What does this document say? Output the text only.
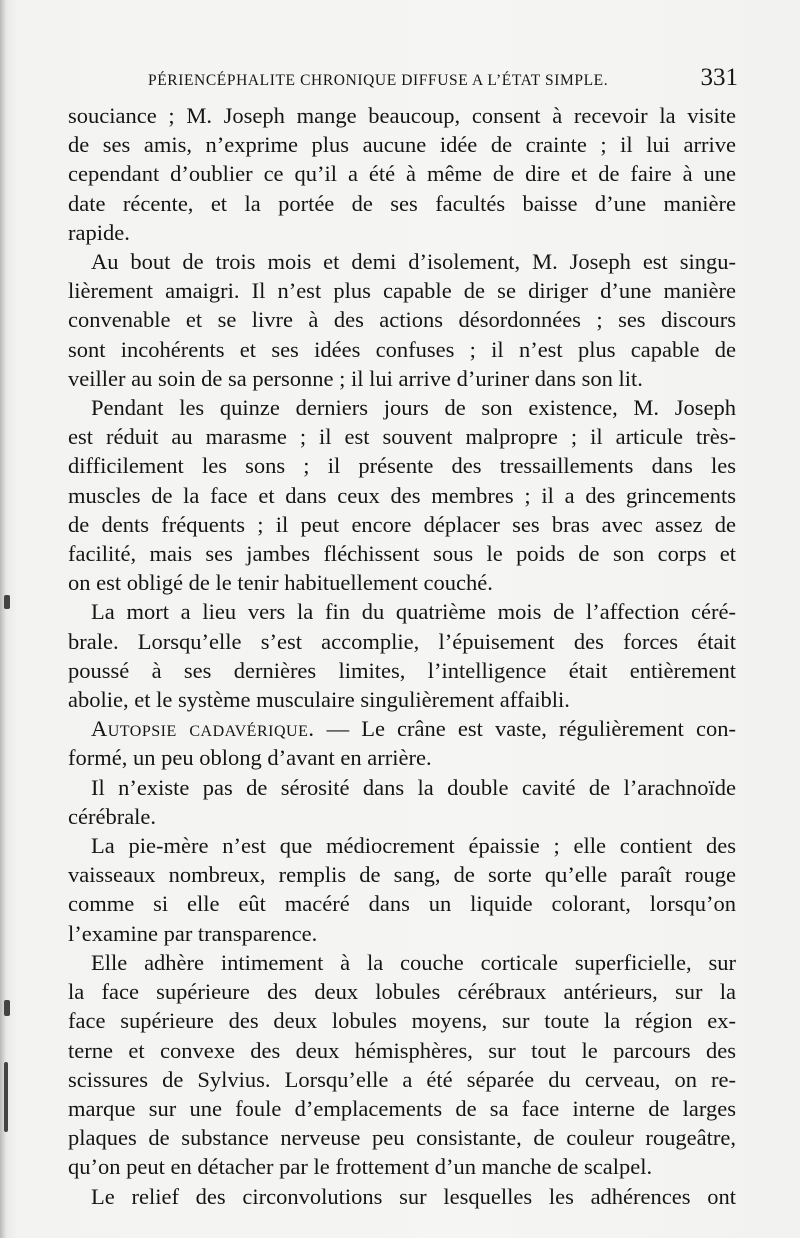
PÉRIENCÉPHALITE CHRONIQUE DIFFUSE A L’ÉTAT SIMPLE.	331

souciance ; M. Joseph mange beaucoup, consent à recevoir la visite

de ses amis, n’exprime plus aucune idée de crainte ; il lui arrive

cependant d’oublier ce qu’il a été à même de dire et de faire à une

date récente, et la portée de ses facultés baisse d’une manière

rapide.

Au bout de trois mois et demi d’isolement, M. Joseph est singu-

lièrement amaigri. Il n’est plus capable de se diriger d’une manière

convenable et se livre à des actions désordonnées ; ses discours

sont incohérents et ses idées confuses ; il n’est plus capable de

veiller au soin de sa personne ; il lui arrive d’uriner dans son lit.

Pendant les quinze derniers jours de son existence, M. Joseph

est réduit au marasme ; il est souvent malpropre ; il articule très-

difficilement les sons ; il présente des tressaillements dans les

muscles de la face et dans ceux des membres ; il a des grincements

de dents fréquents ; il peut encore déplacer ses bras avec assez de

facilité, mais ses jambes fléchissent sous le poids de son corps et

on est obligé de le tenir habituellement couché.

La mort a lieu vers la fin du quatrième mois de l’affection céré-

brale. Lorsqu’elle s’est accomplie, l’épuisement des forces était

poussé à ses dernières limites, l’intelligence était entièrement

abolie, et le système musculaire singulièrement affaibli.

Autopsie cadavérique. — Le crâne est vaste, régulièrement con-

formé, un peu oblong d’avant en arrière.

Il n’existe pas de sérosité dans la double cavité de l’arachnoïde

cérébrale.

La pie-mère n’est que médiocrement épaissie ; elle contient des

vaisseaux nombreux, remplis de sang, de sorte qu’elle paraît rouge

comme si elle eût macéré dans un liquide colorant, lorsqu’on

l’examine par transparence.

Elle adhère intimement à la couche corticale superficielle, sur

la face supérieure des deux lobules cérébraux antérieurs, sur la

face supérieure des deux lobules moyens, sur toute la région ex-

terne et convexe des deux hémisphères, sur tout le parcours des

scissures de Sylvius. Lorsqu’elle a été séparée du cerveau, on re-

marque sur une foule d’emplacements de sa face interne de larges

plaques de substance nerveuse peu consistante, de couleur rougeâtre,

qu’on peut en détacher par le frottement d’un manche de scalpel.

Le relief des circonvolutions sur lesquelles les adhérences ont
